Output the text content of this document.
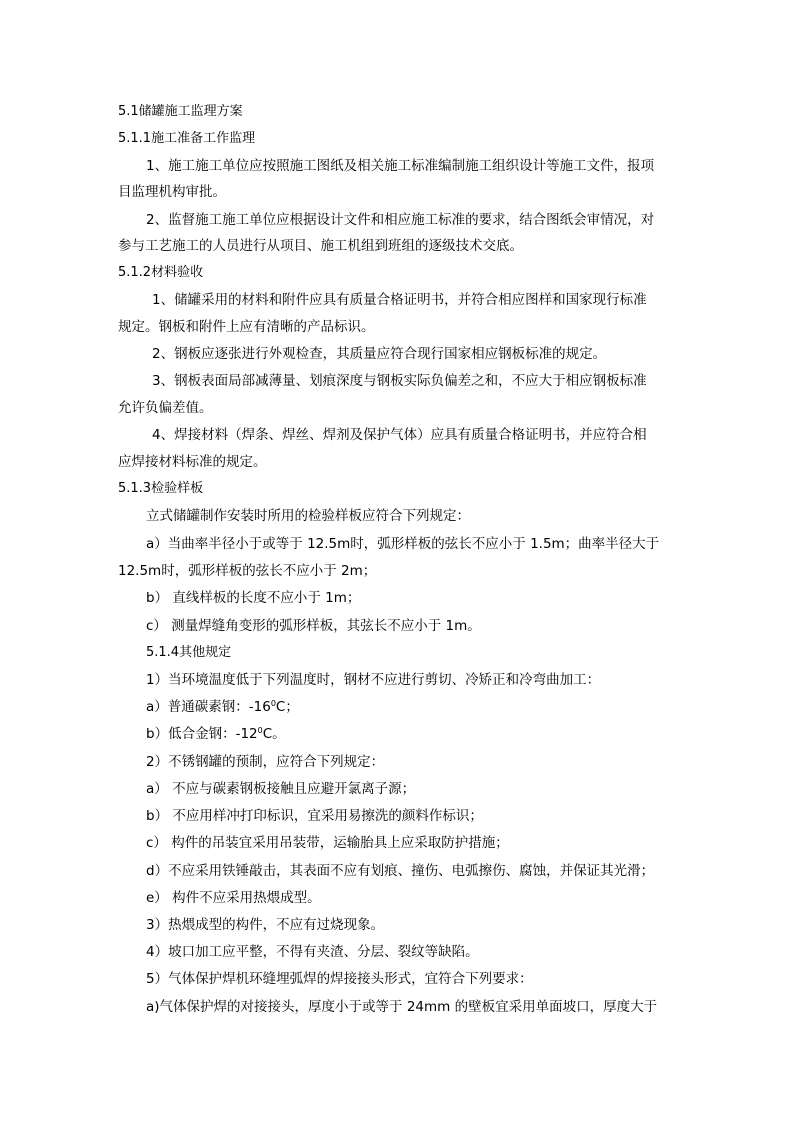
5.1储罐施工监理方案
5.1.1施工准备工作监理
1、施工施工单位应按照施工图纸及相关施工标准编制施工组织设计等施工文件，报项
目监理机构审批。
2、监督施工施工单位应根据设计文件和相应施工标准的要求，结合图纸会审情况，对
参与工艺施工的人员进行从项目、施工机组到班组的逐级技术交底。
5.1.2材料验收
1、储罐采用的材料和附件应具有质量合格证明书，并符合相应图样和国家现行标准
规定。钢板和附件上应有清晰的产品标识。
2、钢板应逐张进行外观检查，其质量应符合现行国家相应钢板标准的规定。
3、钢板表面局部减薄量、划痕深度与钢板实际负偏差之和，不应大于相应钢板标准
允许负偏差值。
4、焊接材料（焊条、焊丝、焊剂及保护气体）应具有质量合格证明书，并应符合相
应焊接材料标准的规定。
5.1.3检验样板
立式储罐制作安装时所用的检验样板应符合下列规定：
a）当曲率半径小于或等于 12.5m时，弧形样板的弦长不应小于 1.5m；曲率半径大于
12.5m时，弧形样板的弦长不应小于 2m；
b） 直线样板的长度不应小于 1m；
c） 测量焊缝角变形的弧形样板，其弦长不应小于 1m。
5.1.4其他规定
1）当环境温度低于下列温度时，钢材不应进行剪切、冷矫正和冷弯曲加工：
a）普通碳素钢：$-16^0C$；
b）低合金钢：$-12^0C$。
2）不锈钢罐的预制，应符合下列规定：
a） 不应与碳素钢板接触且应避开氯离子源；
b） 不应用样冲打印标识，宜采用易擦洗的颜料作标识；
c） 构件的吊装宜采用吊装带，运输胎具上应采取防护措施；
d）不应采用铁锤敲击，其表面不应有划痕、撞伤、电弧擦伤、腐蚀，并保证其光滑；
e） 构件不应采用热煨成型。
3）热煨成型的构件，不应有过烧现象。
4）坡口加工应平整，不得有夹渣、分层、裂纹等缺陷。
5）气体保护焊机环缝埋弧焊的焊接接头形式，宜符合下列要求：
a)气体保护焊的对接接头，厚度小于或等于 24mm 的壁板宜采用单面坡口，厚度大于
